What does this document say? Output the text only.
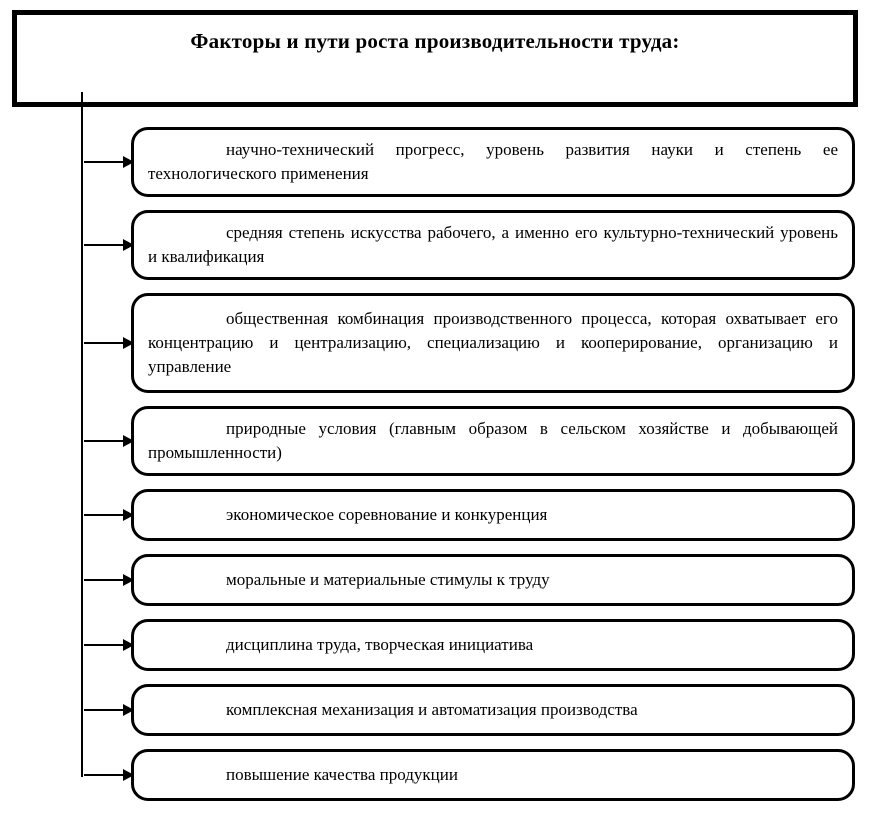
Факторы и пути роста производительности труда:

научно-технический прогресс, уровень развития науки и степень ее технологического применения

средняя степень искусства рабочего, а именно его культурно-технический уровень и квалификация

общественная комбинация производственного процесса, которая охватывает его концентрацию и централизацию, специализацию и кооперирование, организацию и управление

природные условия (главным образом в сельском хозяйстве и добывающей промышленности)

экономическое соревнование и конкуренция

моральные и материальные стимулы к труду

дисциплина труда, творческая инициатива

комплексная механизация и автоматизация производства

повышение качества продукции
